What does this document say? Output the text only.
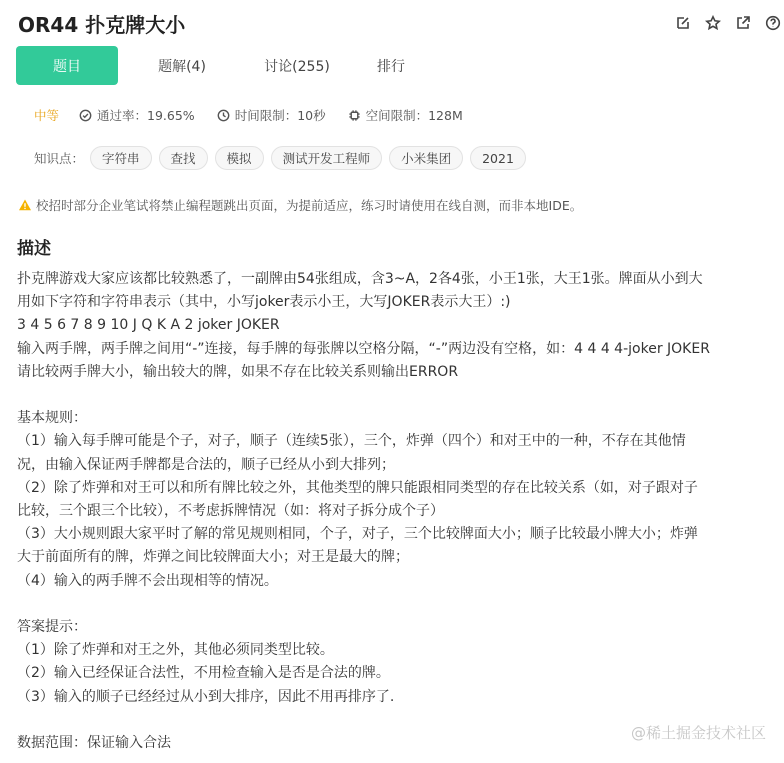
OR44 扑克牌大小
题目	题解(4)	讨论(255)	排行
中等	通过率：19.65%	时间限制：10秒	空间限制：128M
知识点：	字符串	查找	模拟	测试开发工程师	小米集团	2021
校招时部分企业笔试将禁止编程题跳出页面，为提前适应，练习时请使用在线自测，而非本地IDE。
描述

扑克牌游戏大家应该都比较熟悉了，一副牌由54张组成，含3~A，2各4张，小王1张，大王1张。牌面从小到大

用如下字符和字符串表示（其中，小写joker表示小王，大写JOKER表示大王）:)

3 4 5 6 7 8 9 10 J Q K A 2 joker JOKER

输入两手牌，两手牌之间用“-”连接，每手牌的每张牌以空格分隔，“-”两边没有空格，如：4 4 4 4-joker JOKER

请比较两手牌大小，输出较大的牌，如果不存在比较关系则输出ERROR

基本规则：

（1）输入每手牌可能是个子，对子，顺子（连续5张），三个，炸弹（四个）和对王中的一种，不存在其他情

况，由输入保证两手牌都是合法的，顺子已经从小到大排列；

（2）除了炸弹和对王可以和所有牌比较之外，其他类型的牌只能跟相同类型的存在比较关系（如，对子跟对子

比较，三个跟三个比较），不考虑拆牌情况（如：将对子拆分成个子）

（3）大小规则跟大家平时了解的常见规则相同，个子，对子，三个比较牌面大小；顺子比较最小牌大小；炸弹

大于前面所有的牌，炸弹之间比较牌面大小；对王是最大的牌；

（4）输入的两手牌不会出现相等的情况。

答案提示：

（1）除了炸弹和对王之外，其他必须同类型比较。

（2）输入已经保证合法性，不用检查输入是否是合法的牌。

（3）输入的顺子已经经过从小到大排序，因此不用再排序了.

数据范围：保证输入合法

@稀土掘金技术社区
